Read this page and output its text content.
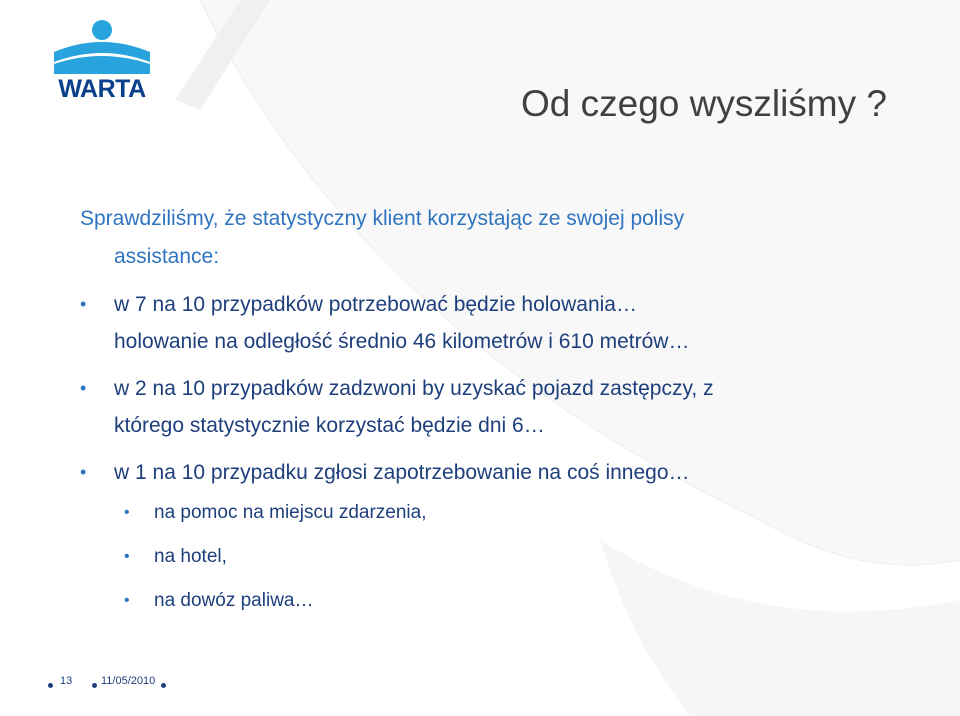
WARTA	Od czego wyszliśmy ?
Sprawdziliśmy, że statystyczny klient korzystając ze swojej polisy
assistance:
•	w 7 na 10 przypadków potrzebować będzie holowania…
holowanie na odległość średnio 46 kilometrów i 610 metrów…
•	w 2 na 10 przypadków zadzwoni by uzyskać pojazd zastępczy, z
którego statystycznie korzystać będzie dni 6…
•	w 1 na 10 przypadku zgłosi zapotrzebowanie na coś innego…
• na pomoc na miejscu zdarzenia,
• na hotel,
• na dowóz paliwa…
13	11/05/2010
